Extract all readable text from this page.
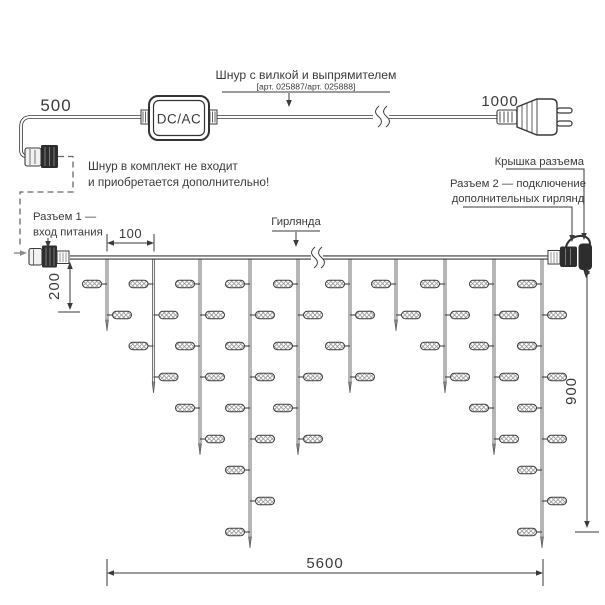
DC/AC
500	1000
Шнур с вилкой и выпрямителем
[арт. 025887/арт. 025888]
Шнур в комплект не входит
и приобретается дополнительно!
Разъем 1 —
вход питания
Крышка разъема
Разъем 2 — подключение
дополнительных гирлянд
Гирлянда
100
200
900
5600
